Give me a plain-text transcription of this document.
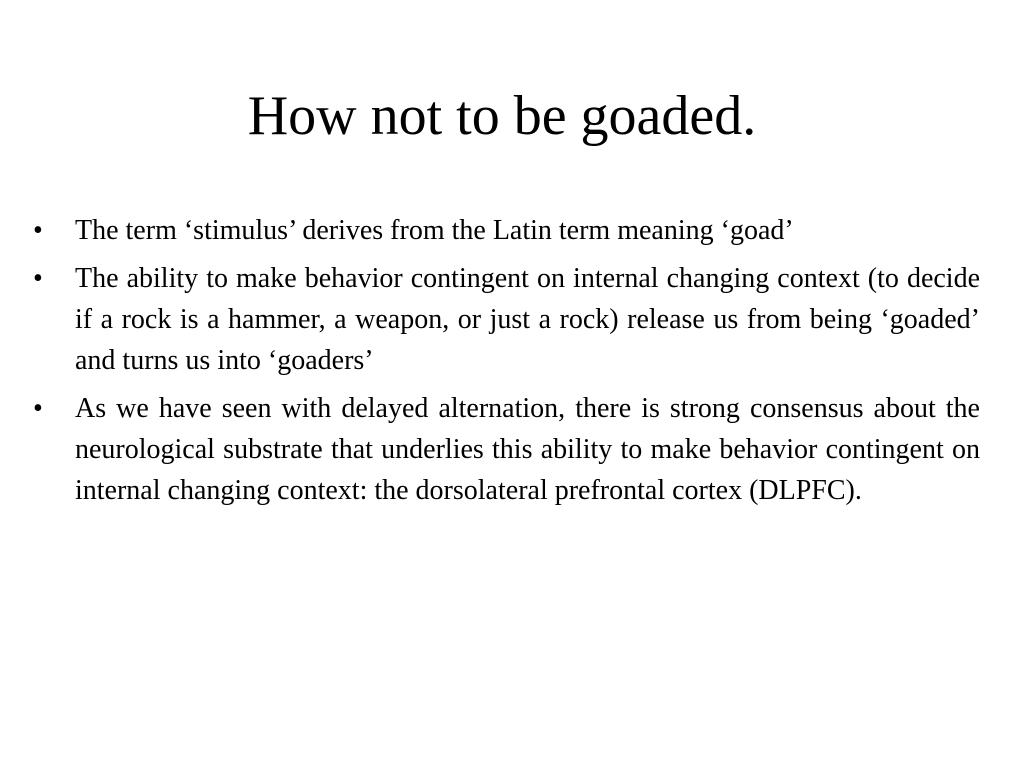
How not to be goaded.
•	The term ‘stimulus’ derives from the Latin term meaning ‘goad’
•	The ability to make behavior contingent on internal changing context (to decide if a rock is a hammer, a weapon, or just a rock) release us from being ‘goaded’ and turns us into ‘goaders’
•	As we have seen with delayed alternation, there is strong consensus about the neurological substrate that underlies this ability to make behavior contingent on internal changing context: the dorsolateral prefrontal cortex (DLPFC).
